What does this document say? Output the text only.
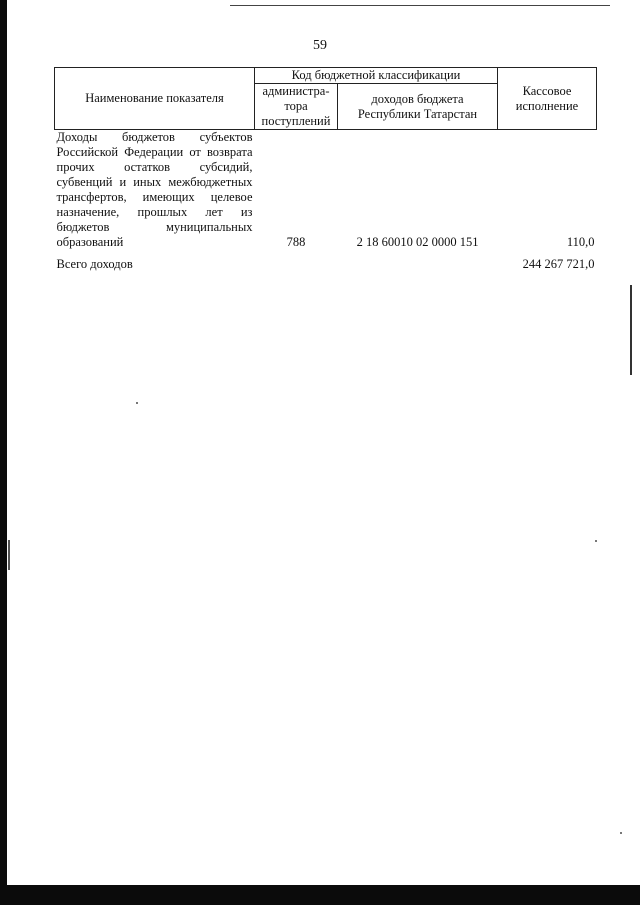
59
Наименование показателя	Код бюджетной классификации		Кассовое исполнение
	администра-тора поступлений	доходов бюджета Республики Татарстан	
Доходы бюджетов субъектов Российской Федерации от возврата прочих остатков субсидий, субвенций и иных межбюджетных трансфертов, имеющих целевое назначение, прошлых лет из бюджетов муниципальных образований	788	2 18 60010 02 0000 151	110,0
Всего доходов			244 267 721,0
